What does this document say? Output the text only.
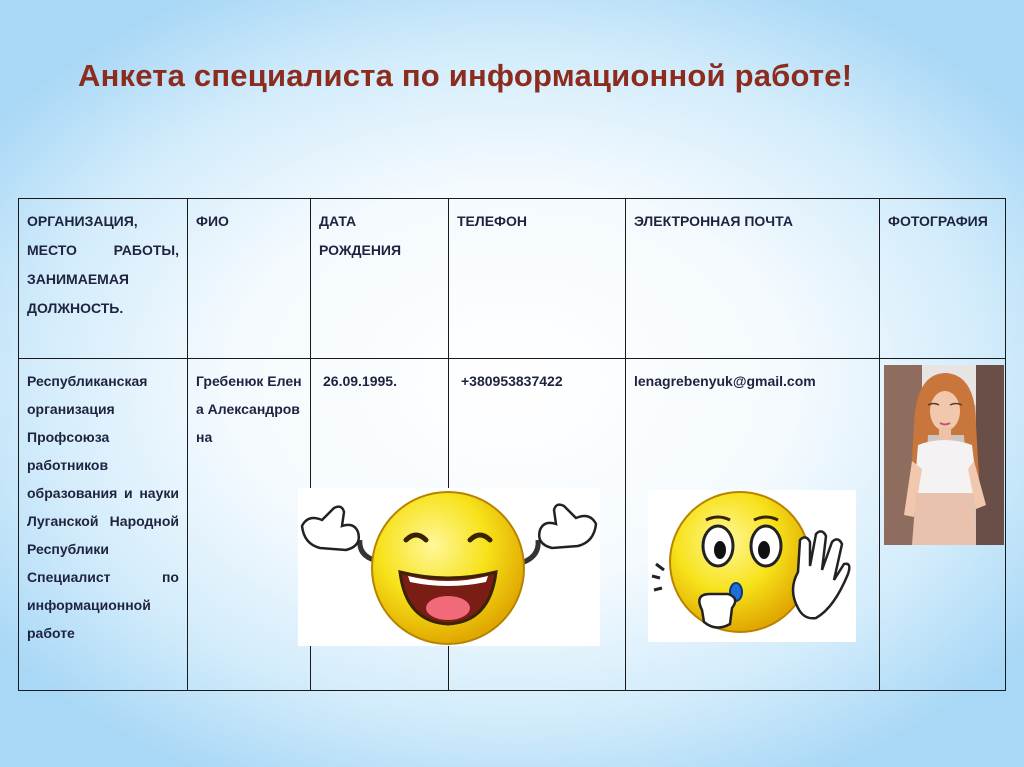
Анкета специалиста по информационной работе!
ОРГАНИЗАЦИЯ, МЕСТО РАБОТЫ, ЗАНИМАЕМАЯ ДОЛЖНОСТЬ.	ФИО	ДАТА РОЖДЕНИЯ	ТЕЛЕФОН	ЭЛЕКТРОННАЯ ПОЧТА	ФОТОГРАФИЯ
Республиканская организация Профсоюза работников образования и науки Луганской Народной Республики Специалист по информационной работе	Гребенюк Елена Александровна	26.09.1995.	+380953837422	lenagrebenyuk@gmail.com	
